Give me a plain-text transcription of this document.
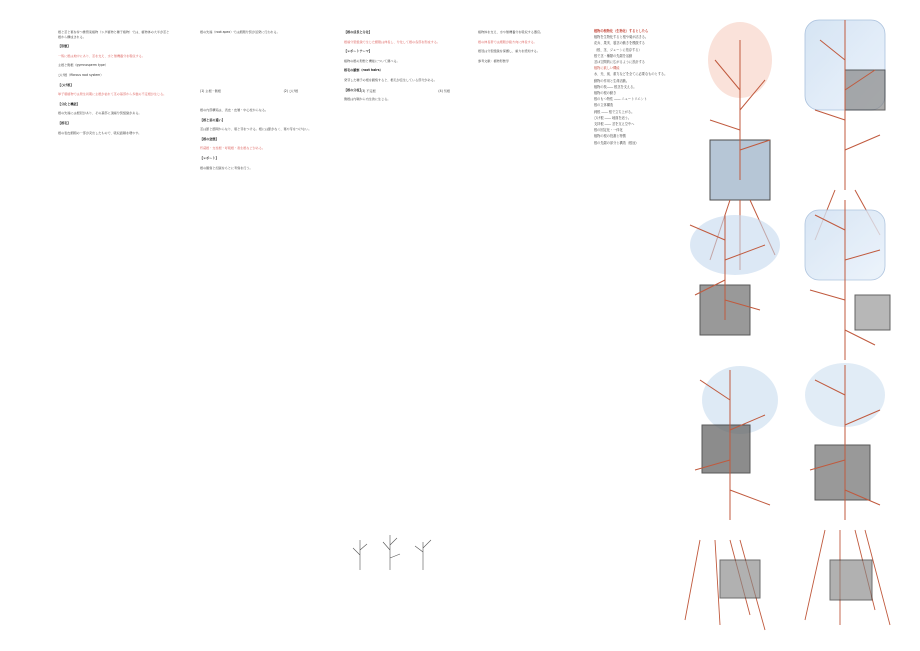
根と茎と葉を持つ維管束植物（シダ植物と種子植物）では、植物体の大半が茎と根から構成される。

【形態】

一般に根は地中にあり、茎を支え、水と無機養分を吸収する。

主根と側根（gymnosperm type）

ひげ根（fibrous root system）

【ひげ根】

単子葉植物では発生初期に主根が枯れて茎の基部から多数の不定根が生じる。

【分化と機能】

根の先端には根冠があり、その基部に頂端分裂組織がある。

【根毛】

根の表皮細胞の一部が突出したもので、吸収面積を増やす。

根の先端（root apex）では細胞分裂が活発に行われる。

(1) 主根・側根	(2) ひげ根	(3) 不定根	(4) 気根

根の内部構造は、表皮・皮層・中心柱からなる。

【根と茎の違い】

茎は節と節間からなり、葉と芽をつける。根には節がなく、葉や芽をつけない。

【根の変態】

貯蔵根・支柱根・呼吸根・寄生根などがある。

【レポート】

根の観察と記録をもとに考察を行う。

【根の成長と分化】

根端分裂組織で生じた細胞は伸長し、分化して根の各部を形成する。

【レポートテーマ】

植物の根の形態と機能について調べる。

根毛の観察（root hairs）

発芽した種子の根を観察すると、根毛が密生している部分がある。

【根の分枝】

側根は内鞘から内生的に生じる。

植物体を支え、水や無機養分を吸収する器官。

根の伸長帯では細胞が縦方向に伸長する。

根冠は分裂組織を保護し、重力を感知する。

参考文献：植物形態学

植物の根物化（生物化）するとしたら
植物を生物化すると根や葉が活きる。
花弁、果実、蔓茎の動きを模倣する
（根、茎、ジューンに依存する）
根で茎・種類の先端を活動
茎は空間的に広がるように設計する
植物に欲しい機能
水、光、風、重力などを全てに必要なものとする。
動物の作用と生命活動。
植物の枝―― 根茎を支える。
植物の根の動き
根のもつ特性 ―― ニュートリエント
根の立体構造
鈍根 ―― 根で立ち上がる。
ひげ根 ―― 地面を這う。
支持根 ―― 茎を支え空中へ
根の固定化・一体化
植物の根の役割と特徴
根の先端の部分と構造（根冠）
